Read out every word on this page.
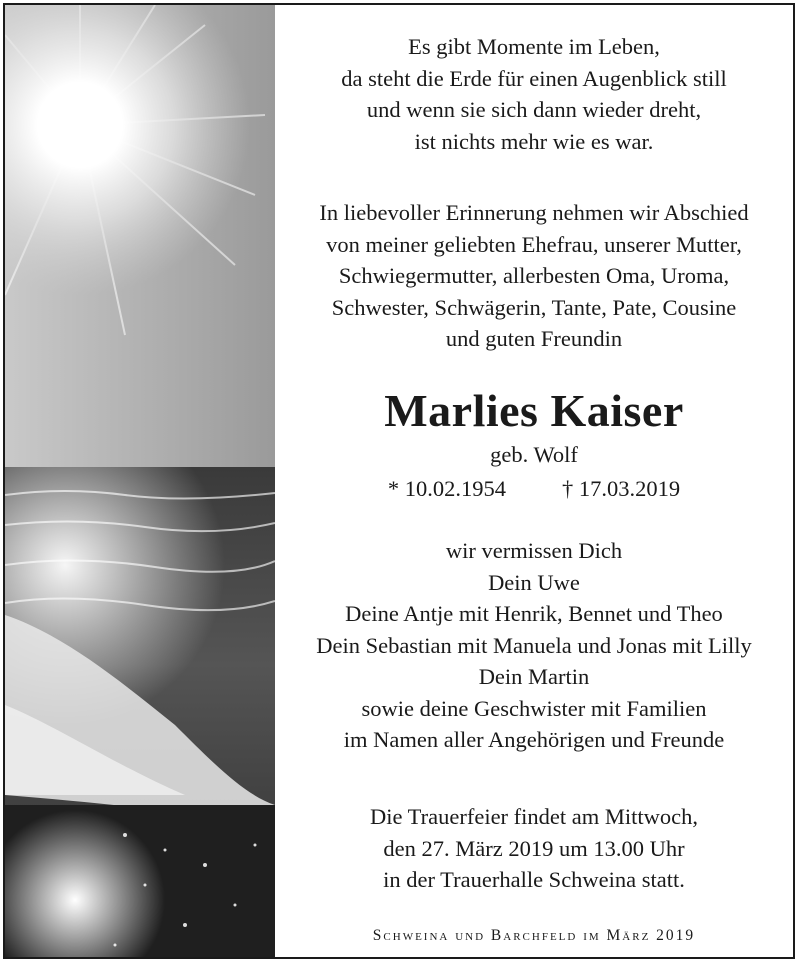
Es gibt Momente im Leben,
da steht die Erde für einen Augenblick still
und wenn sie sich dann wieder dreht,
ist nichts mehr wie es war.
In liebevoller Erinnerung nehmen wir Abschied
von meiner geliebten Ehefrau, unserer Mutter,
Schwiegermutter, allerbesten Oma, Uroma,
Schwester, Schwägerin, Tante, Pate, Cousine
und guten Freundin
Marlies Kaiser
geb. Wolf
* 10.02.1954 † 17.03.2019
wir vermissen Dich
Dein Uwe
Deine Antje mit Henrik, Bennet und Theo
Dein Sebastian mit Manuela und Jonas mit Lilly
Dein Martin
sowie deine Geschwister mit Familien
im Namen aller Angehörigen und Freunde
Die Trauerfeier findet am Mittwoch,
den 27. März 2019 um 13.00 Uhr
in der Trauerhalle Schweina statt.
Schweina und Barchfeld im März 2019
